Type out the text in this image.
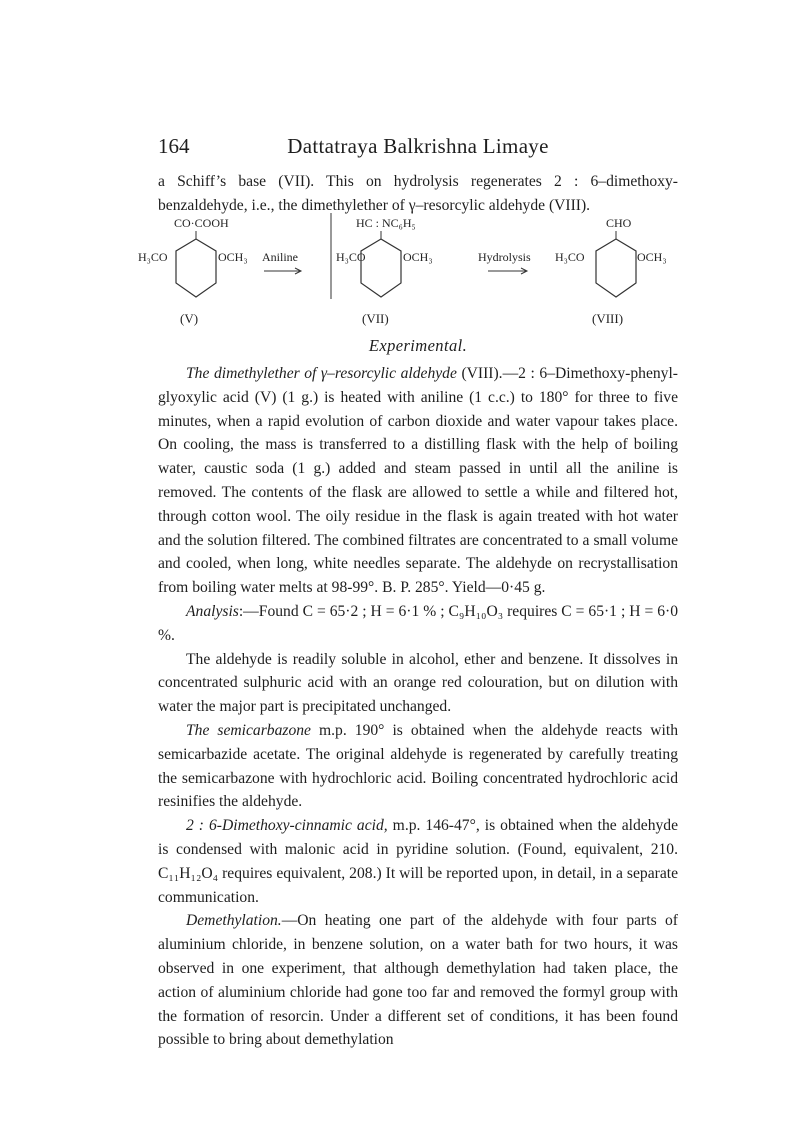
164	Dattatraya Balkrishna Limaye

a Schiff’s base (VII). This on hydrolysis regenerates 2 : 6–dimethoxy-benzaldehyde, i.e., the dimethylether of γ–resorcylic aldehyde (VIII).

CO·COOH
H₃CO	OCH₃
(V)
Aniline
HC : NC₆H₅
H₃CO	OCH₃
(VII)
Hydrolysis
CHO
H₃CO	OCH₃
(VIII)
Experimental.

The dimethylether of γ–resorcylic aldehyde (VIII).—2 : 6–Dimethoxy-phenyl-glyoxylic acid (V) (1 g.) is heated with aniline (1 c.c.) to 180° for three to five minutes, when a rapid evolution of carbon dioxide and water vapour takes place. On cooling, the mass is transferred to a distilling flask with the help of boiling water, caustic soda (1 g.) added and steam passed in until all the aniline is removed. The contents of the flask are allowed to settle a while and filtered hot, through cotton wool. The oily residue in the flask is again treated with hot water and the solution filtered. The combined filtrates are concentrated to a small volume and cooled, when long, white needles separate. The aldehyde on recrystallisation from boiling water melts at 98-99°. B. P. 285°. Yield—0·45 g.

Analysis:—Found C = 65·2 ; H = 6·1 % ; C₉H₁₀O₃ requires C = 65·1 ; H = 6·0 %.

The aldehyde is readily soluble in alcohol, ether and benzene. It dissolves in concentrated sulphuric acid with an orange red colouration, but on dilution with water the major part is precipitated unchanged.

The semicarbazone m.p. 190° is obtained when the aldehyde reacts with semicarbazide acetate. The original aldehyde is regenerated by carefully treating the semicarbazone with hydrochloric acid. Boiling concentrated hydrochloric acid resinifies the aldehyde.

2 : 6-Dimethoxy-cinnamic acid, m.p. 146-47°, is obtained when the aldehyde is condensed with malonic acid in pyridine solution. (Found, equivalent, 210. C₁₁H₁₂O₄ requires equivalent, 208.) It will be reported upon, in detail, in a separate communication.

Demethylation.—On heating one part of the aldehyde with four parts of aluminium chloride, in benzene solution, on a water bath for two hours, it was observed in one experiment, that although demethylation had taken place, the action of aluminium chloride had gone too far and removed the formyl group with the formation of resorcin. Under a different set of conditions, it has been found possible to bring about demethylation
